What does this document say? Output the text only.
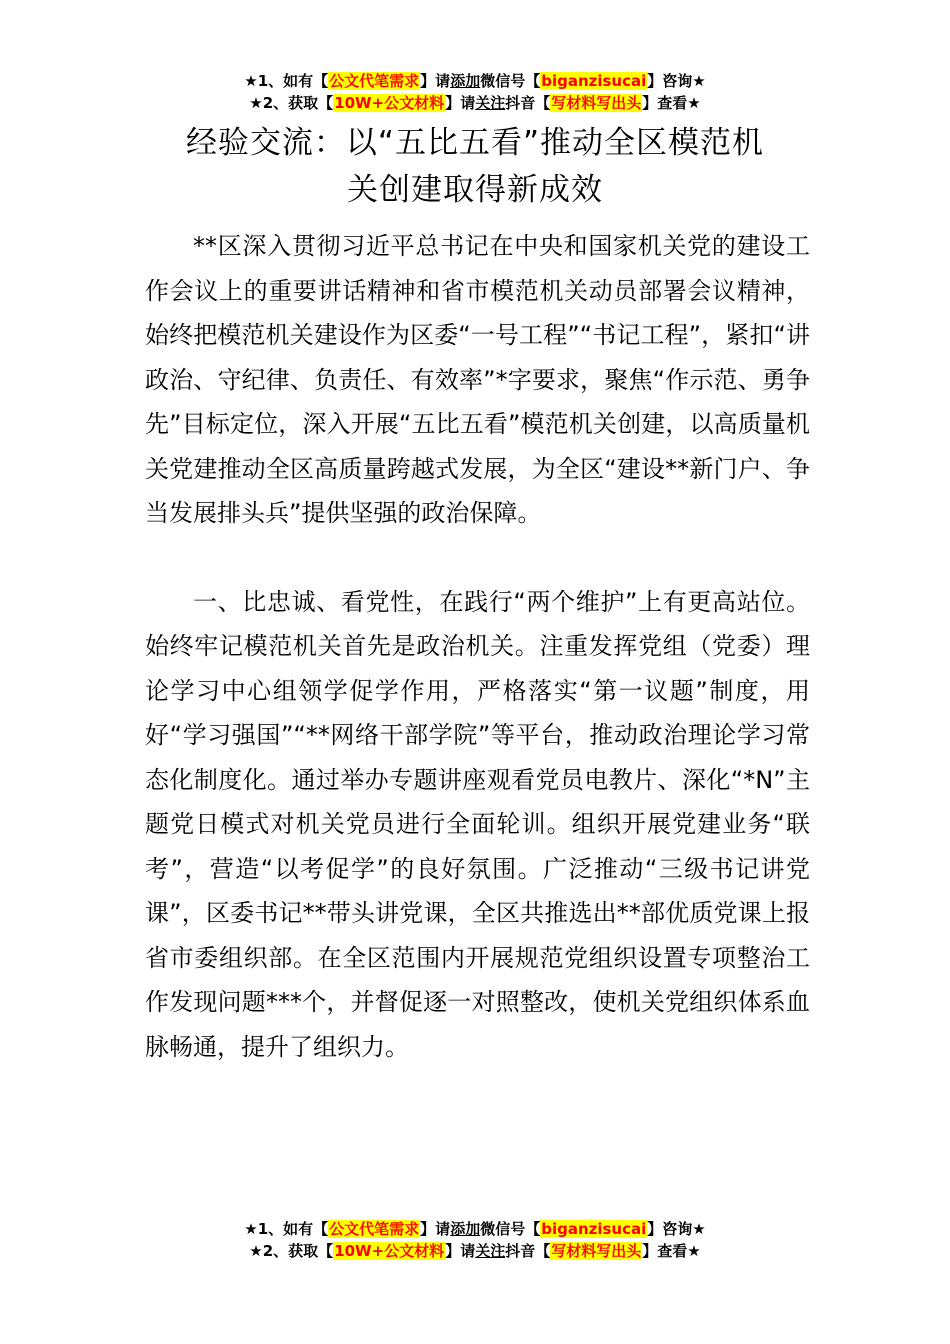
★1、如有【公文代笔需求】请添加微信号【biganzisucai】咨询★
★2、获取【10W+公文材料】请关注抖音【写材料写出头】查看★
经验交流：以“五比五看”推动全区模范机
关创建取得新成效

**区深入贯彻习近平总书记在中央和国家机关党的建设工作会议上的重要讲话精神和省市模范机关动员部署会议精神，始终把模范机关建设作为区委“一号工程”“书记工程”，紧扣“讲政治、守纪律、负责任、有效率”*字要求，聚焦“作示范、勇争先”目标定位，深入开展“五比五看”模范机关创建，以高质量机关党建推动全区高质量跨越式发展，为全区“建设**新门户、争当发展排头兵”提供坚强的政治保障。

一、比忠诚、看党性，在践行“两个维护”上有更高站位。始终牢记模范机关首先是政治机关。注重发挥党组（党委）理论学习中心组领学促学作用，严格落实“第一议题”制度，用好“学习强国”“**网络干部学院”等平台，推动政治理论学习常态化制度化。通过举办专题讲座观看党员电教片、深化“*N”主题党日模式对机关党员进行全面轮训。组织开展党建业务“联考”，营造“以考促学”的良好氛围。广泛推动“三级书记讲党课”，区委书记**带头讲党课，全区共推选出**部优质党课上报省市委组织部。在全区范围内开展规范党组织设置专项整治工作发现问题***个，并督促逐一对照整改，使机关党组织体系血脉畅通，提升了组织力。

★1、如有【公文代笔需求】请添加微信号【biganzisucai】咨询★
★2、获取【10W+公文材料】请关注抖音【写材料写出头】查看★
